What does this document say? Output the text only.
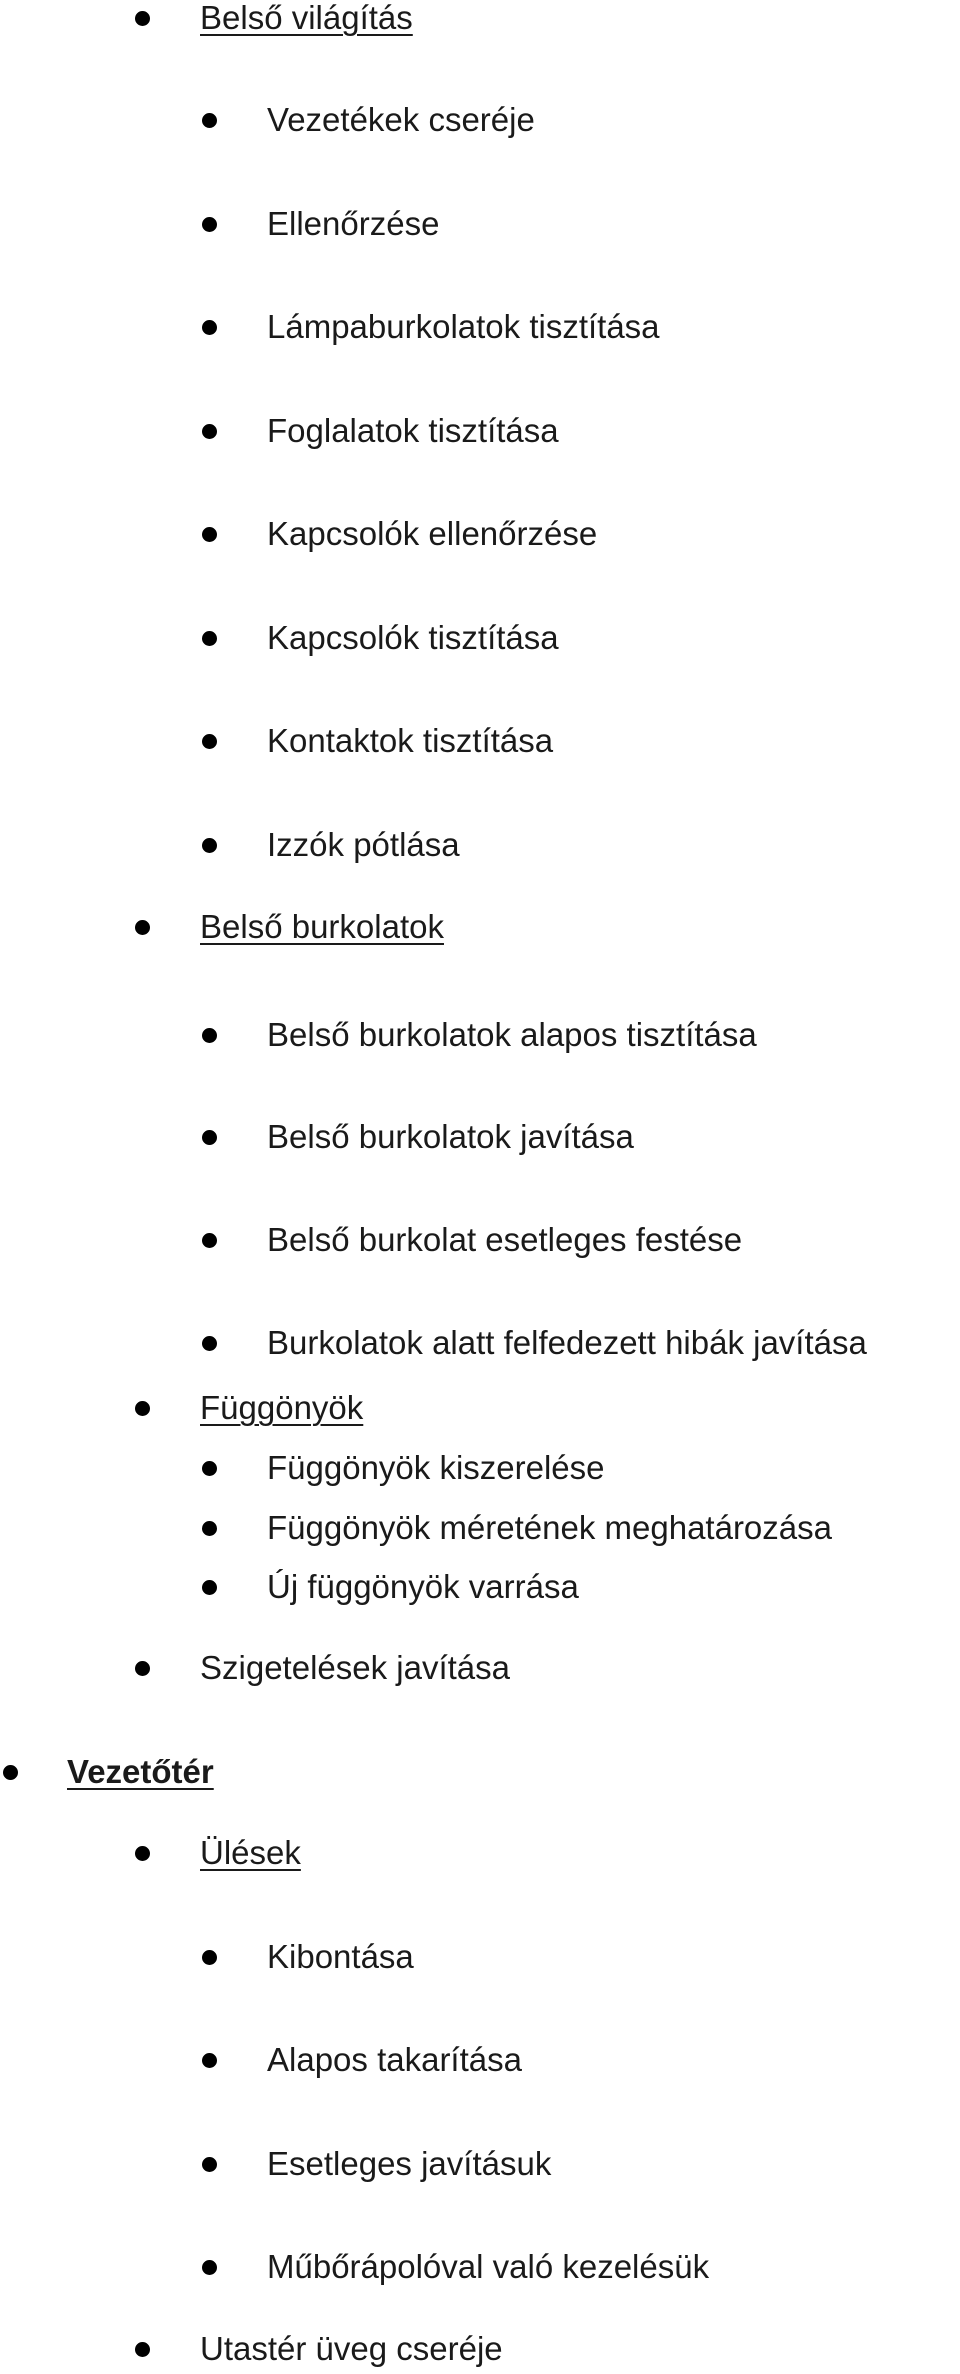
Belső világítás
Vezetékek cseréje
Ellenőrzése
Lámpaburkolatok tisztítása
Foglalatok tisztítása
Kapcsolók ellenőrzése
Kapcsolók tisztítása
Kontaktok tisztítása
Izzók pótlása
Belső burkolatok
Belső burkolatok alapos tisztítása
Belső burkolatok javítása
Belső burkolat esetleges festése
Burkolatok alatt felfedezett hibák javítása
Függönyök
Függönyök kiszerelése
Függönyök méretének meghatározása
Új függönyök varrása
Szigetelések javítása
Vezetőtér
Ülések
Kibontása
Alapos takarítása
Esetleges javításuk
Műbőrápolóval való kezelésük
Utastér üveg cseréje
